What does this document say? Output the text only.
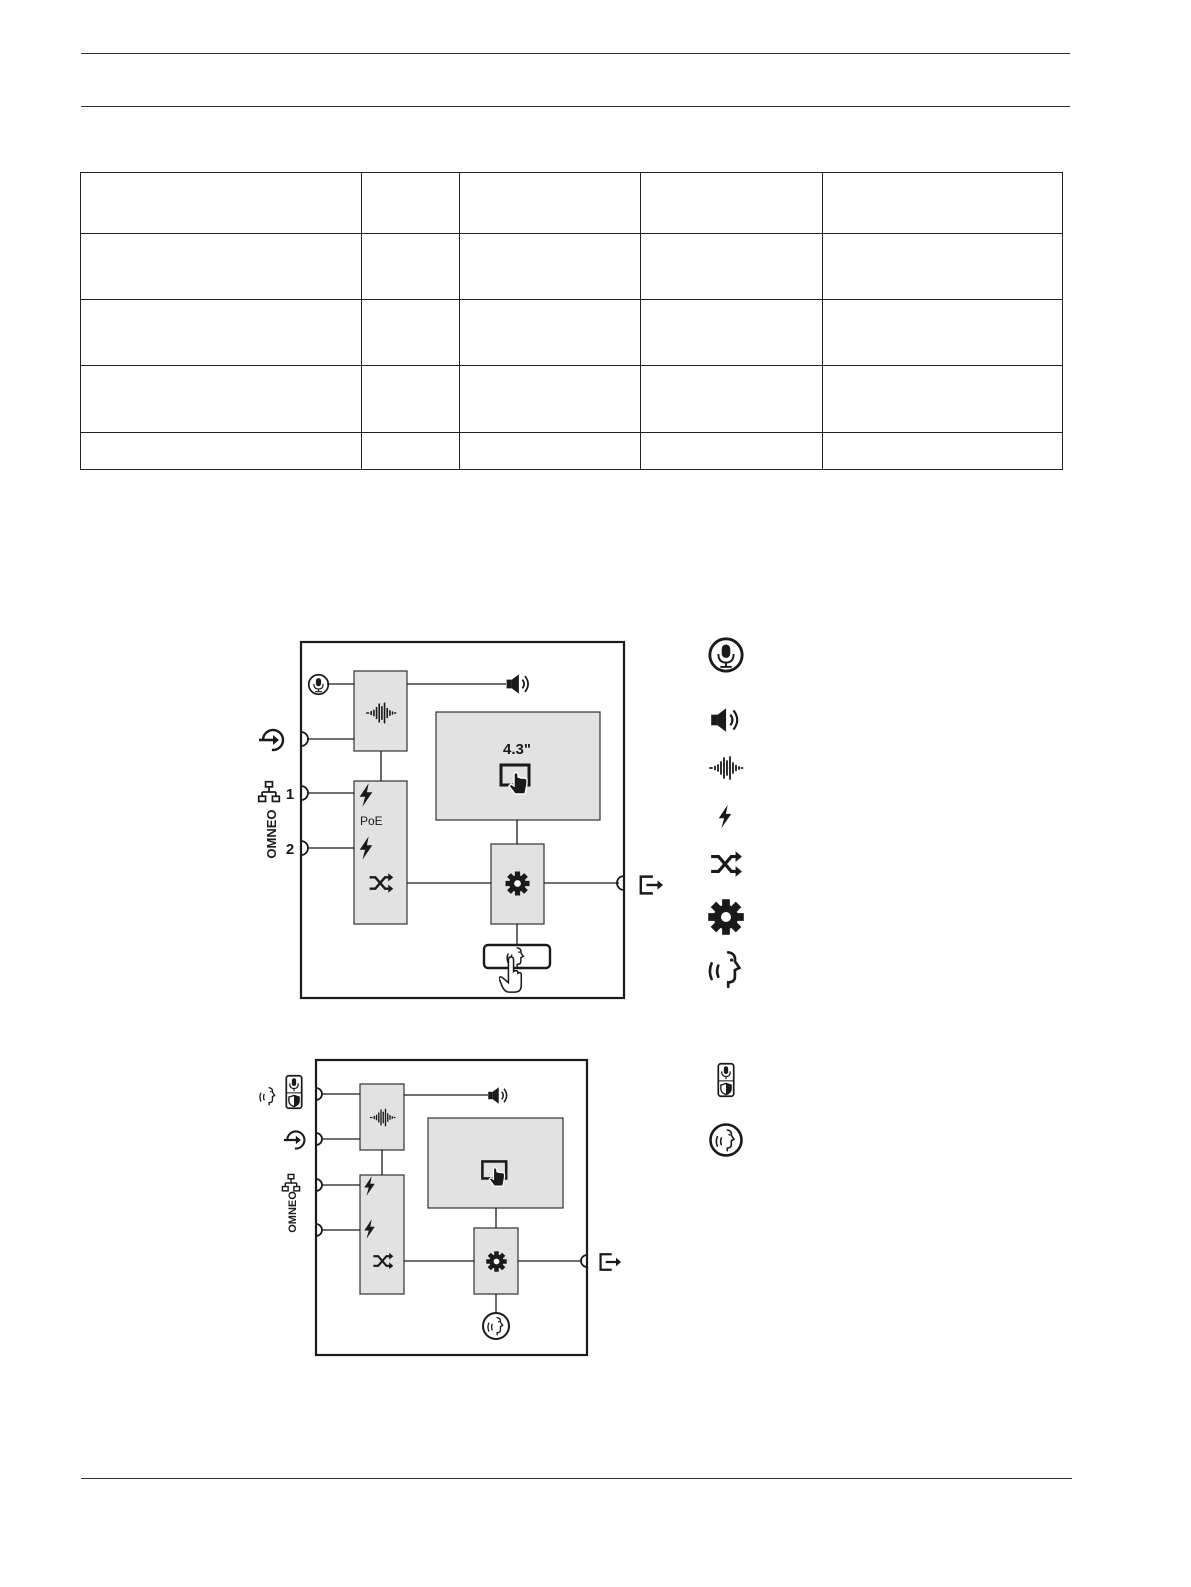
4.3"
PoE
1
2
OMNEO
OMNEO
